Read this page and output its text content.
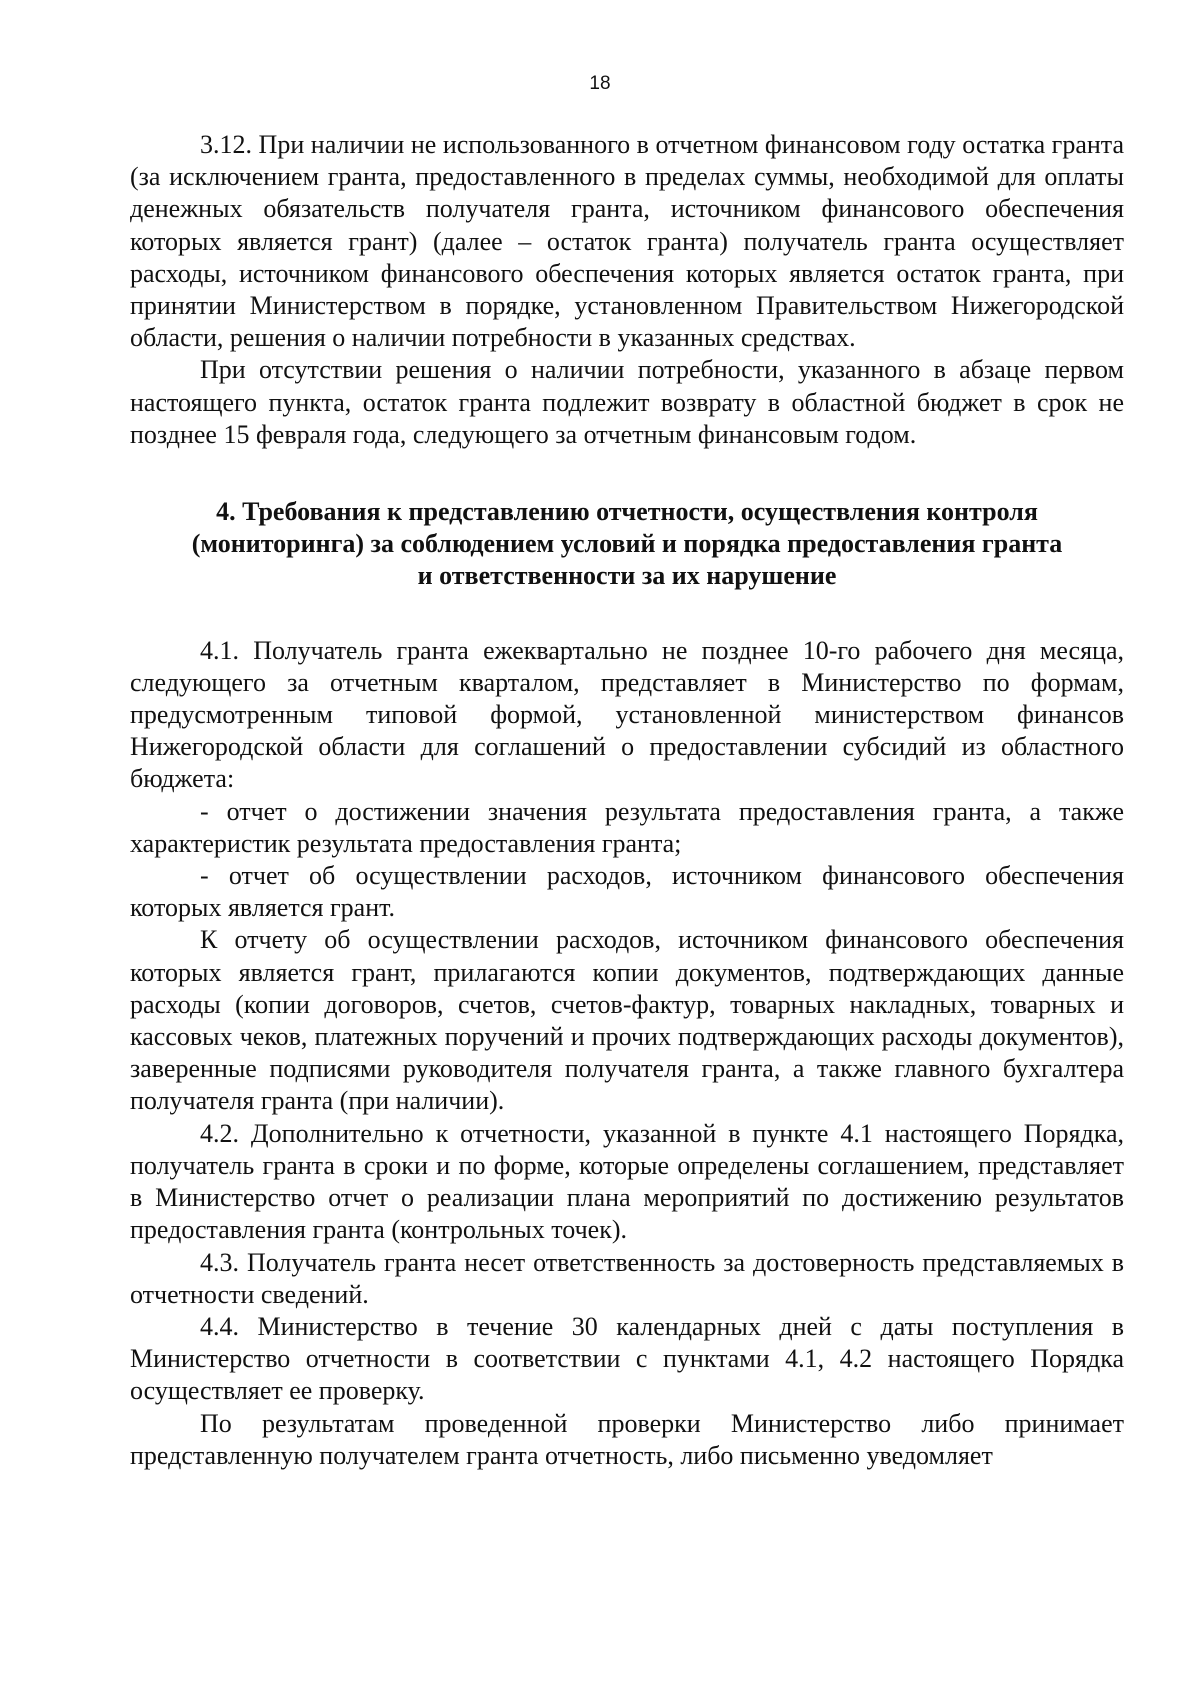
18

3.12. При наличии не использованного в отчетном финансовом году остатка гранта (за исключением гранта, предоставленного в пределах суммы, необходимой для оплаты денежных обязательств получателя гранта, источником финансового обеспечения которых является грант) (далее – остаток гранта) получатель гранта осуществляет расходы, источником финансового обеспечения которых является остаток гранта, при принятии Министерством в порядке, установленном Правительством Нижегородской области, решения о наличии потребности в указанных средствах.

При отсутствии решения о наличии потребности, указанного в абзаце первом настоящего пункта, остаток гранта подлежит возврату в областной бюджет в срок не позднее 15 февраля года, следующего за отчетным финансовым годом.

4. Требования к представлению отчетности, осуществления контроля
(мониторинга) за соблюдением условий и порядка предоставления гранта
и ответственности за их нарушение

4.1. Получатель гранта ежеквартально не позднее 10-го рабочего дня месяца, следующего за отчетным кварталом, представляет в Министерство по формам, предусмотренным типовой формой, установленной министерством финансов Нижегородской области для соглашений о предоставлении субсидий из областного бюджета:

- отчет о достижении значения результата предоставления гранта, а также характеристик результата предоставления гранта;

- отчет об осуществлении расходов, источником финансового обеспечения которых является грант.

К отчету об осуществлении расходов, источником финансового обеспечения которых является грант, прилагаются копии документов, подтверждающих данные расходы (копии договоров, счетов, счетов-фактур, товарных накладных, товарных и кассовых чеков, платежных поручений и прочих подтверждающих расходы документов), заверенные подписями руководителя получателя гранта, а также главного бухгалтера получателя гранта (при наличии).

4.2. Дополнительно к отчетности, указанной в пункте 4.1 настоящего Порядка, получатель гранта в сроки и по форме, которые определены соглашением, представляет в Министерство отчет о реализации плана мероприятий по достижению результатов предоставления гранта (контрольных точек).

4.3. Получатель гранта несет ответственность за достоверность представляемых в отчетности сведений.

4.4. Министерство в течение 30 календарных дней с даты поступления в Министерство отчетности в соответствии с пунктами 4.1, 4.2 настоящего Порядка осуществляет ее проверку.

По результатам проведенной проверки Министерство либо принимает представленную получателем гранта отчетность, либо письменно уведомляет
